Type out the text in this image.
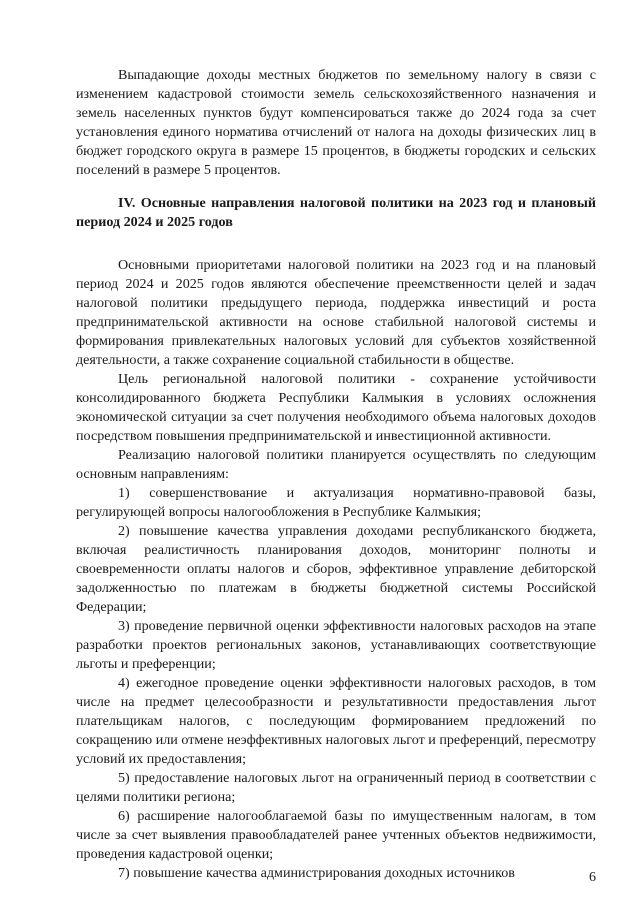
Выпадающие доходы местных бюджетов по земельному налогу в связи с изменением кадастровой стоимости земель сельскохозяйственного назначения и земель населенных пунктов будут компенсироваться также до 2024 года за счет установления единого норматива отчислений от налога на доходы физических лиц в бюджет городского округа в размере 15 процентов, в бюджеты городских и сельских поселений в размере 5 процентов.

IV. Основные направления налоговой политики на 2023 год и плановый период 2024 и 2025 годов

Основными приоритетами налоговой политики на 2023 год и на плановый период 2024 и 2025 годов являются обеспечение преемственности целей и задач налоговой политики предыдущего периода, поддержка инвестиций и роста предпринимательской активности на основе стабильной налоговой системы и формирования привлекательных налоговых условий для субъектов хозяйственной деятельности, а также сохранение социальной стабильности в обществе.

Цель региональной налоговой политики - сохранение устойчивости консолидированного бюджета Республики Калмыкия в условиях осложнения экономической ситуации за счет получения необходимого объема налоговых доходов посредством повышения предпринимательской и инвестиционной активности.

Реализацию налоговой политики планируется осуществлять по следующим основным направлениям:

1) совершенствование и актуализация нормативно-правовой базы, регулирующей вопросы налогообложения в Республике Калмыкия;

2) повышение качества управления доходами республиканского бюджета, включая реалистичность планирования доходов, мониторинг полноты и своевременности оплаты налогов и сборов, эффективное управление дебиторской задолженностью по платежам в бюджеты бюджетной системы Российской Федерации;

3) проведение первичной оценки эффективности налоговых расходов на этапе разработки проектов региональных законов, устанавливающих соответствующие льготы и преференции;

4) ежегодное проведение оценки эффективности налоговых расходов, в том числе на предмет целесообразности и результативности предоставления льгот плательщикам налогов, с последующим формированием предложений по сокращению или отмене неэффективных налоговых льгот и преференций, пересмотру условий их предоставления;

5) предоставление налоговых льгот на ограниченный период в соответствии с целями политики региона;

6) расширение налогооблагаемой базы по имущественным налогам, в том числе за счет выявления правообладателей ранее учтенных объектов недвижимости, проведения кадастровой оценки;

7) повышение качества администрирования доходных источников	6
